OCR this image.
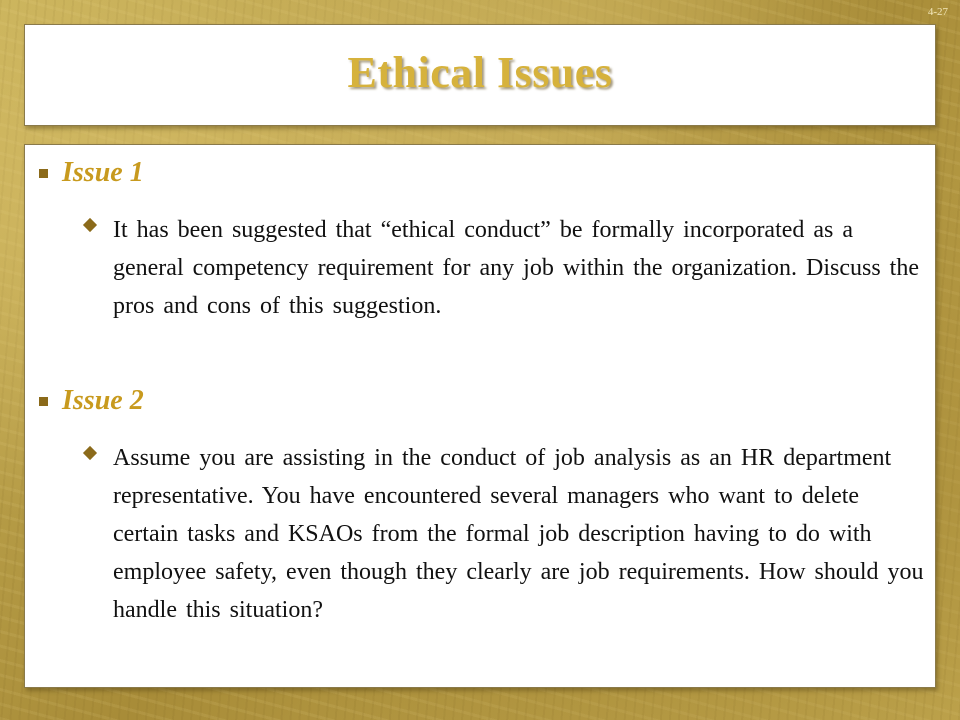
4-27
Ethical Issues
Issue 1

It has been suggested that “ethical conduct” be formally incorporated as a general competency requirement for any job within the organization. Discuss the pros and cons of this suggestion.

Issue 2

Assume you are assisting in the conduct of job analysis as an HR department representative. You have encountered several managers who want to delete certain tasks and KSAOs from the formal job description having to do with employee safety, even though they clearly are job requirements. How should you handle this situation?
